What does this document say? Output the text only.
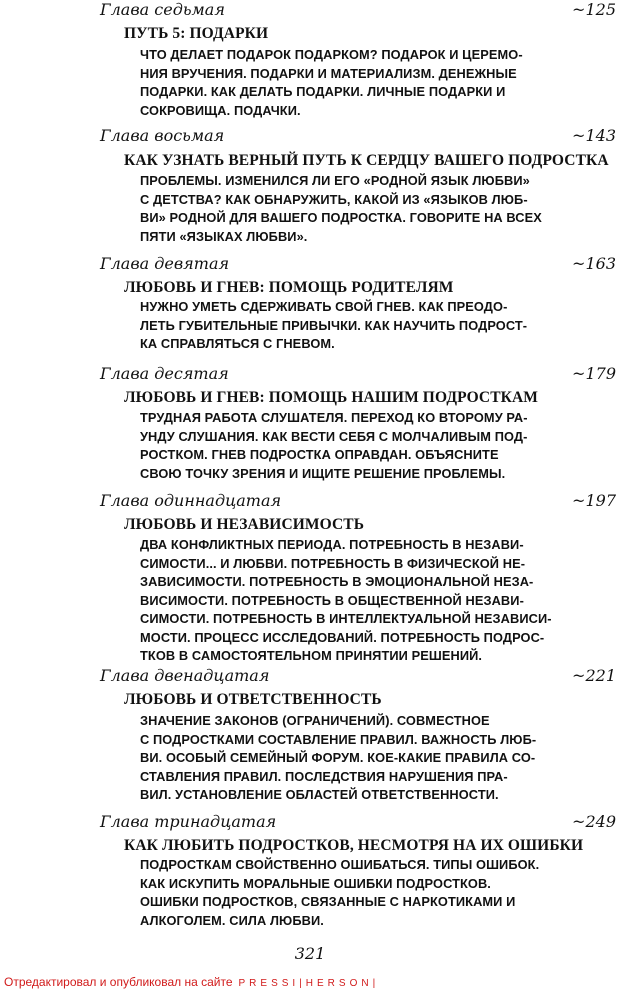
Глава седьмая	~125
ПУТЬ 5: ПОДАРКИ
ЧТО ДЕЛАЕТ ПОДАРОК ПОДАРКОМ? ПОДАРОК И ЦЕРЕМО-
НИЯ ВРУЧЕНИЯ. ПОДАРКИ И МАТЕРИАЛИЗМ. ДЕНЕЖНЫЕ
ПОДАРКИ. КАК ДЕЛАТЬ ПОДАРКИ. ЛИЧНЫЕ ПОДАРКИ И
СОКРОВИЩА. ПОДАЧКИ.
Глава восьмая	~143
КАК УЗНАТЬ ВЕРНЫЙ ПУТЬ К СЕРДЦУ ВАШЕГО ПОДРОСТКА
ПРОБЛЕМЫ. ИЗМЕНИЛСЯ ЛИ ЕГО «РОДНОЙ ЯЗЫК ЛЮБВИ»
С ДЕТСТВА? КАК ОБНАРУЖИТЬ, КАКОЙ ИЗ «ЯЗЫКОВ ЛЮБ-
ВИ» РОДНОЙ ДЛЯ ВАШЕГО ПОДРОСТКА. ГОВОРИТЕ НА ВСЕХ
ПЯТИ «ЯЗЫКАХ ЛЮБВИ».
Глава девятая	~163
ЛЮБОВЬ И ГНЕВ: ПОМОЩЬ РОДИТЕЛЯМ
НУЖНО УМЕТЬ СДЕРЖИВАТЬ СВОЙ ГНЕВ. КАК ПРЕОДО-
ЛЕТЬ ГУБИТЕЛЬНЫЕ ПРИВЫЧКИ. КАК НАУЧИТЬ ПОДРОСТ-
КА СПРАВЛЯТЬСЯ С ГНЕВОМ.
Глава десятая	~179
ЛЮБОВЬ И ГНЕВ: ПОМОЩЬ НАШИМ ПОДРОСТКАМ
ТРУДНАЯ РАБОТА СЛУШАТЕЛЯ. ПЕРЕХОД КО ВТОРОМУ РА-
УНДУ СЛУШАНИЯ. КАК ВЕСТИ СЕБЯ С МОЛЧАЛИВЫМ ПОД-
РОСТКОМ. ГНЕВ ПОДРОСТКА ОПРАВДАН. ОБЪЯСНИТЕ
СВОЮ ТОЧКУ ЗРЕНИЯ И ИЩИТЕ РЕШЕНИЕ ПРОБЛЕМЫ.
Глава одиннадцатая	~197
ЛЮБОВЬ И НЕЗАВИСИМОСТЬ
ДВА КОНФЛИКТНЫХ ПЕРИОДА. ПОТРЕБНОСТЬ В НЕЗАВИ-
СИМОСТИ... И ЛЮБВИ. ПОТРЕБНОСТЬ В ФИЗИЧЕСКОЙ НЕ-
ЗАВИСИМОСТИ. ПОТРЕБНОСТЬ В ЭМОЦИОНАЛЬНОЙ НЕЗА-
ВИСИМОСТИ. ПОТРЕБНОСТЬ В ОБЩЕСТВЕННОЙ НЕЗАВИ-
СИМОСТИ. ПОТРЕБНОСТЬ В ИНТЕЛЛЕКТУАЛЬНОЙ НЕЗАВИСИ-
МОСТИ. ПРОЦЕСС ИССЛЕДОВАНИЙ. ПОТРЕБНОСТЬ ПОДРОС-
ТКОВ В САМОСТОЯТЕЛЬНОМ ПРИНЯТИИ РЕШЕНИЙ.
Глава двенадцатая	~221
ЛЮБОВЬ И ОТВЕТСТВЕННОСТЬ
ЗНАЧЕНИЕ ЗАКОНОВ (ОГРАНИЧЕНИЙ). СОВМЕСТНОЕ
С ПОДРОСТКАМИ СОСТАВЛЕНИЕ ПРАВИЛ. ВАЖНОСТЬ ЛЮБ-
ВИ. ОСОБЫЙ СЕМЕЙНЫЙ ФОРУМ. КОЕ-КАКИЕ ПРАВИЛА СО-
СТАВЛЕНИЯ ПРАВИЛ. ПОСЛЕДСТВИЯ НАРУШЕНИЯ ПРА-
ВИЛ. УСТАНОВЛЕНИЕ ОБЛАСТЕЙ ОТВЕТСТВЕННОСТИ.
Глава тринадцатая	~249
КАК ЛЮБИТЬ ПОДРОСТКОВ, НЕСМОТРЯ НА ИХ ОШИБКИ
ПОДРОСТКАМ СВОЙСТВЕННО ОШИБАТЬСЯ. ТИПЫ ОШИБОК.
КАК ИСКУПИТЬ МОРАЛЬНЫЕ ОШИБКИ ПОДРОСТКОВ.
ОШИБКИ ПОДРОСТКОВ, СВЯЗАННЫЕ С НАРКОТИКАМИ И
АЛКОГОЛЕМ. СИЛА ЛЮБВИ.
321
Отредактировал и опубликовал на сайте PRESSI|HERSON|
